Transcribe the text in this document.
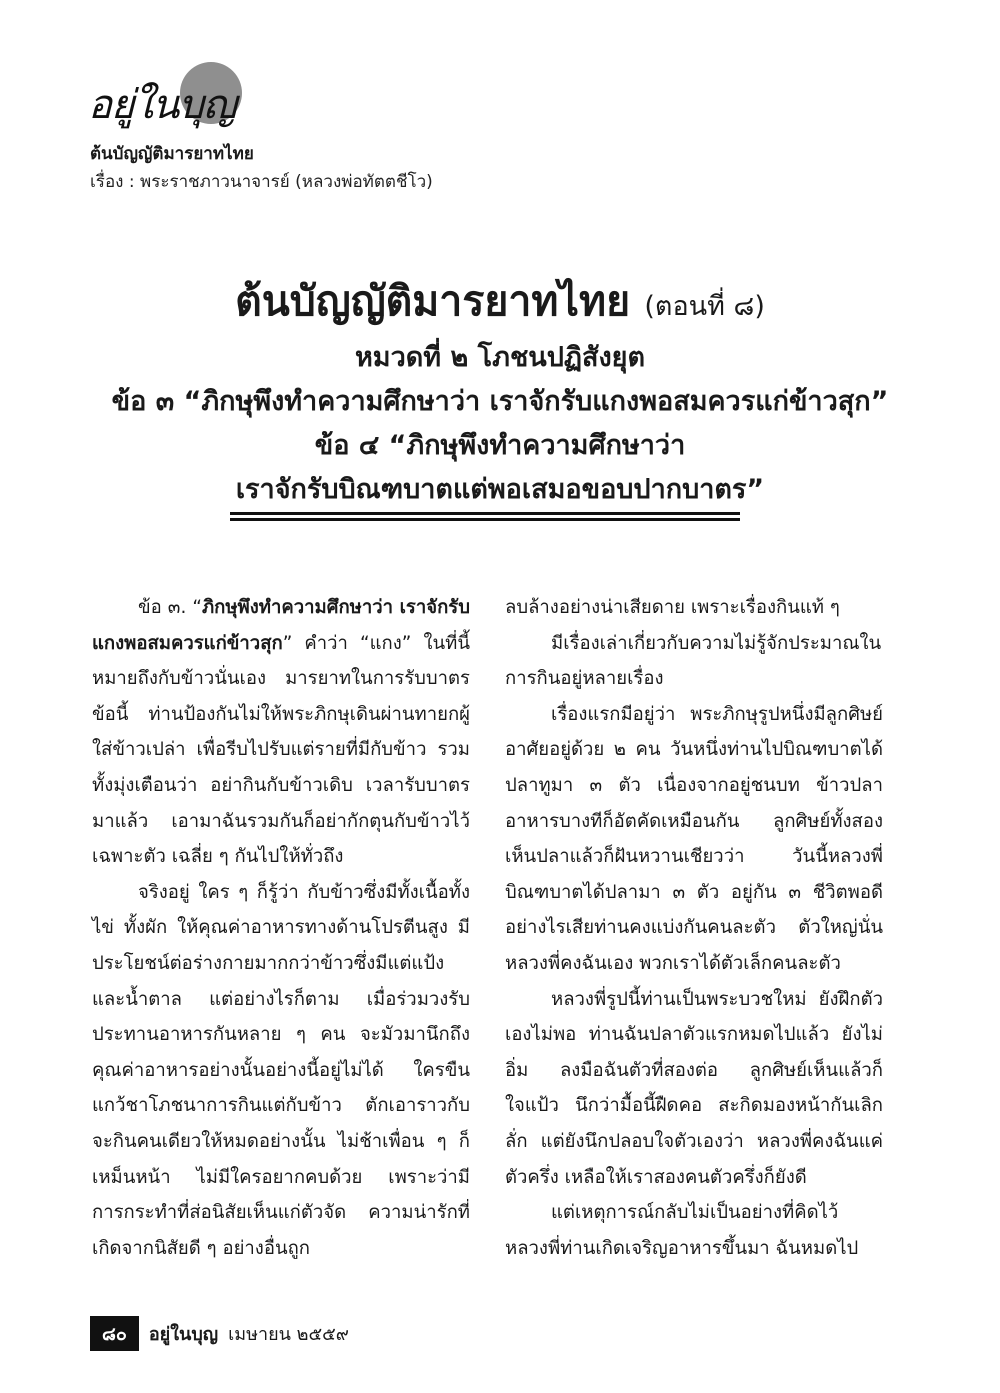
อยู่ในบุญ
ต้นบัญญัติมารยาทไทย
เรื่อง : พระราชภาวนาจารย์ (หลวงพ่อทัตตชีโว)
ต้นบัญญัติมารยาทไทย (ตอนที่ ๘)
หมวดที่ ๒ โภชนปฏิสังยุต
ข้อ ๓ “ภิกษุพึงทำความศึกษาว่า เราจักรับแกงพอสมควรแก่ข้าวสุก”
ข้อ ๔ “ภิกษุพึงทำความศึกษาว่า
เราจักรับบิณฑบาตแต่พอเสมอขอบปากบาตร”

ข้อ ๓. “ภิกษุพึงทำความศึกษาว่า เราจักรับแกงพอสมควรแก่ข้าวสุก” คำว่า “แกง” ในที่นี้หมายถึงกับข้าวนั่นเอง มารยาทในการรับบาตรข้อนี้ ท่านป้องกันไม่ให้พระภิกษุเดินผ่านทายกผู้ใส่ข้าวเปล่า เพื่อรีบไปรับแต่รายที่มีกับข้าว รวมทั้งมุ่งเตือนว่า อย่ากินกับข้าวเดิบ เวลารับบาตรมาแล้ว เอามาฉันรวมกันก็อย่ากักตุนกับข้าวไว้เฉพาะตัว เฉลี่ย ๆ กันไปให้ทั่วถึง

จริงอยู่ ใคร ๆ ก็รู้ว่า กับข้าวซึ่งมีทั้งเนื้อทั้งไข่ ทั้งผัก ให้คุณค่าอาหารทางด้านโปรตีนสูง มีประโยชน์ต่อร่างกายมากกว่าข้าวซึ่งมีแต่แป้งและน้ำตาล แต่อย่างไรก็ตาม เมื่อร่วมวงรับประทานอาหารกันหลาย ๆ คน จะมัวมานึกถึงคุณค่าอาหารอย่างนั้นอย่างนี้อยู่ไม่ได้ ใครขืนแกว้ชาโภชนาการกินแต่กับข้าว ตักเอาราวกับจะกินคนเดียวให้หมดอย่างนั้น ไม่ช้าเพื่อน ๆ ก็เหม็นหน้า ไม่มีใครอยากคบด้วย เพราะว่ามีการกระทำที่ส่อนิสัยเห็นแก่ตัวจัด ความน่ารักที่เกิดจากนิสัยดี ๆ อย่างอื่นถูก

ลบล้างอย่างน่าเสียดาย เพราะเรื่องกินแท้ ๆ

มีเรื่องเล่าเกี่ยวกับความไม่รู้จักประมาณในการกินอยู่หลายเรื่อง

เรื่องแรกมีอยู่ว่า พระภิกษุรูปหนึ่งมีลูกศิษย์อาศัยอยู่ด้วย ๒ คน วันหนึ่งท่านไปบิณฑบาตได้ปลาทูมา ๓ ตัว เนื่องจากอยู่ชนบท ข้าวปลาอาหารบางทีก็อัตคัดเหมือนกัน ลูกศิษย์ทั้งสองเห็นปลาแล้วก็ฝันหวานเชียวว่า วันนี้หลวงพี่บิณฑบาตได้ปลามา ๓ ตัว อยู่กัน ๓ ชีวิตพอดีอย่างไรเสียท่านคงแบ่งกันคนละตัว ตัวใหญ่นั่นหลวงพี่คงฉันเอง พวกเราได้ตัวเล็กคนละตัว

หลวงพี่รูปนี้ท่านเป็นพระบวชใหม่ ยังฝึกตัวเองไม่พอ ท่านฉันปลาตัวแรกหมดไปแล้ว ยังไม่อิ่ม ลงมือฉันตัวที่สองต่อ ลูกศิษย์เห็นแล้วก็ใจแป้ว นึกว่ามื้อนี้ฝืดคอ สะกิดมองหน้ากันเลิกลั่ก แต่ยังนึกปลอบใจตัวเองว่า หลวงพี่คงฉันแค่ตัวครึ่ง เหลือให้เราสองคนตัวครึ่งก็ยังดี

แต่เหตุการณ์กลับไม่เป็นอย่างที่คิดไว้ หลวงพี่ท่านเกิดเจริญอาหารขึ้นมา ฉันหมดไป

๘๐	อยู่ในบุญ เมษายน ๒๕๕๙
